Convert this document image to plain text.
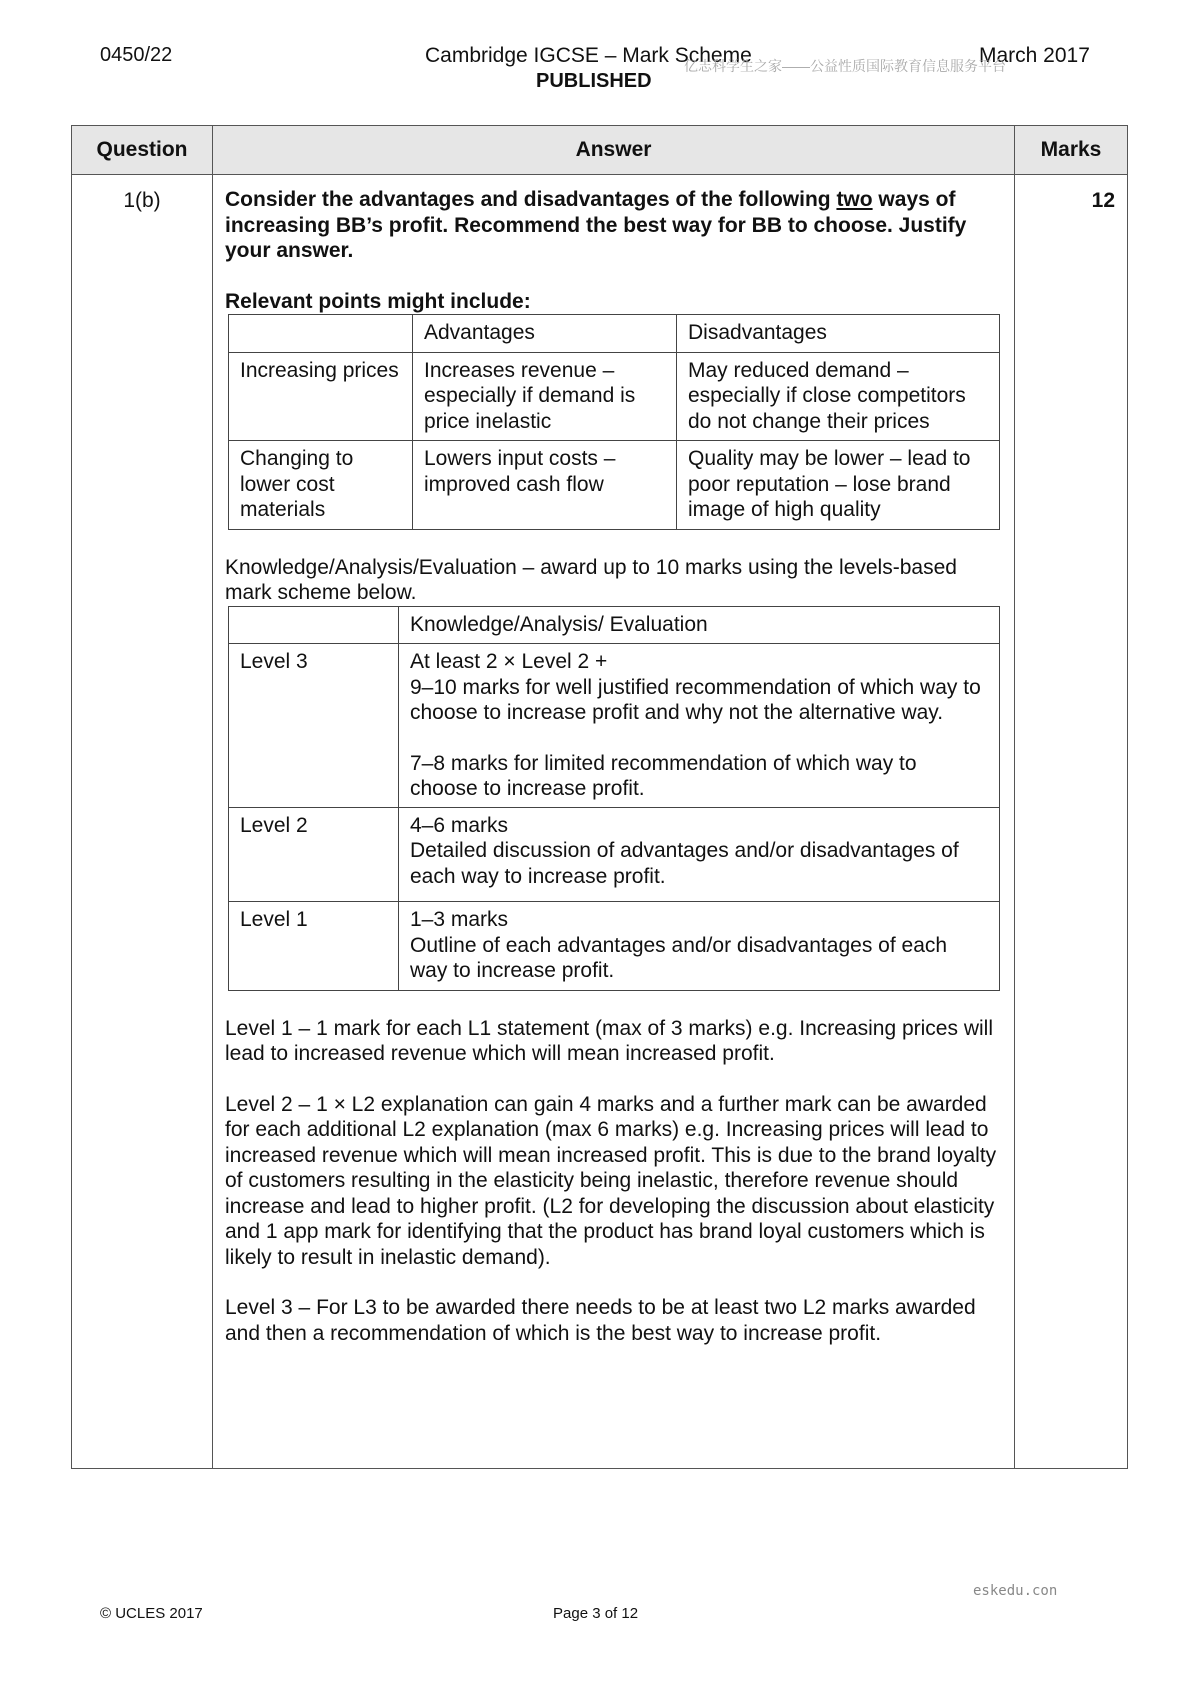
0450/22	Cambridge IGCSE – Mark Scheme
PUBLISHED
March 2017
亿志科学生之家——公益性质国际教育信息服务平台
Question	Answer	Marks
1(b)	Consider the advantages and disadvantages of the following two ways of increasing BB’s profit. Recommend the best way for BB to choose. Justify your answer.

Relevant points might include:

	Advantages	Disadvantages
Increasing prices	Increases revenue – especially if demand is price inelastic	May reduced demand – especially if close competitors do not change their prices
Changing to lower cost materials	Lowers input costs – improved cash flow	Quality may be lower – lead to poor reputation – lose brand image of high quality

Knowledge/Analysis/Evaluation – award up to 10 marks using the levels-based mark scheme below.

	Knowledge/Analysis/ Evaluation
Level 3	At least 2 × Level 2 +
9–10 marks for well justified recommendation of which way to choose to increase profit and why not the alternative way.
7–8 marks for limited recommendation of which way to choose to increase profit.

Level 2	4–6 marks
Detailed discussion of advantages and/or disadvantages of each way to increase profit.

Level 1	1–3 marks
Outline of each advantages and/or disadvantages of each way to increase profit.

Level 1 – 1 mark for each L1 statement (max of 3 marks) e.g. Increasing prices will lead to increased revenue which will mean increased profit.

Level 2 – 1 × L2 explanation can gain 4 marks and a further mark can be awarded for each additional L2 explanation (max 6 marks) e.g. Increasing prices will lead to increased revenue which will mean increased profit. This is due to the brand loyalty of customers resulting in the elasticity being inelastic, therefore revenue should increase and lead to higher profit. (L2 for developing the discussion about elasticity and 1 app mark for identifying that the product has brand loyal customers which is likely to result in inelastic demand).

Level 3 – For L3 to be awarded there needs to be at least two L2 marks awarded and then a recommendation of which is the best way to increase profit.

	12
eskedu.con
© UCLES 2017	Page 3 of 12
